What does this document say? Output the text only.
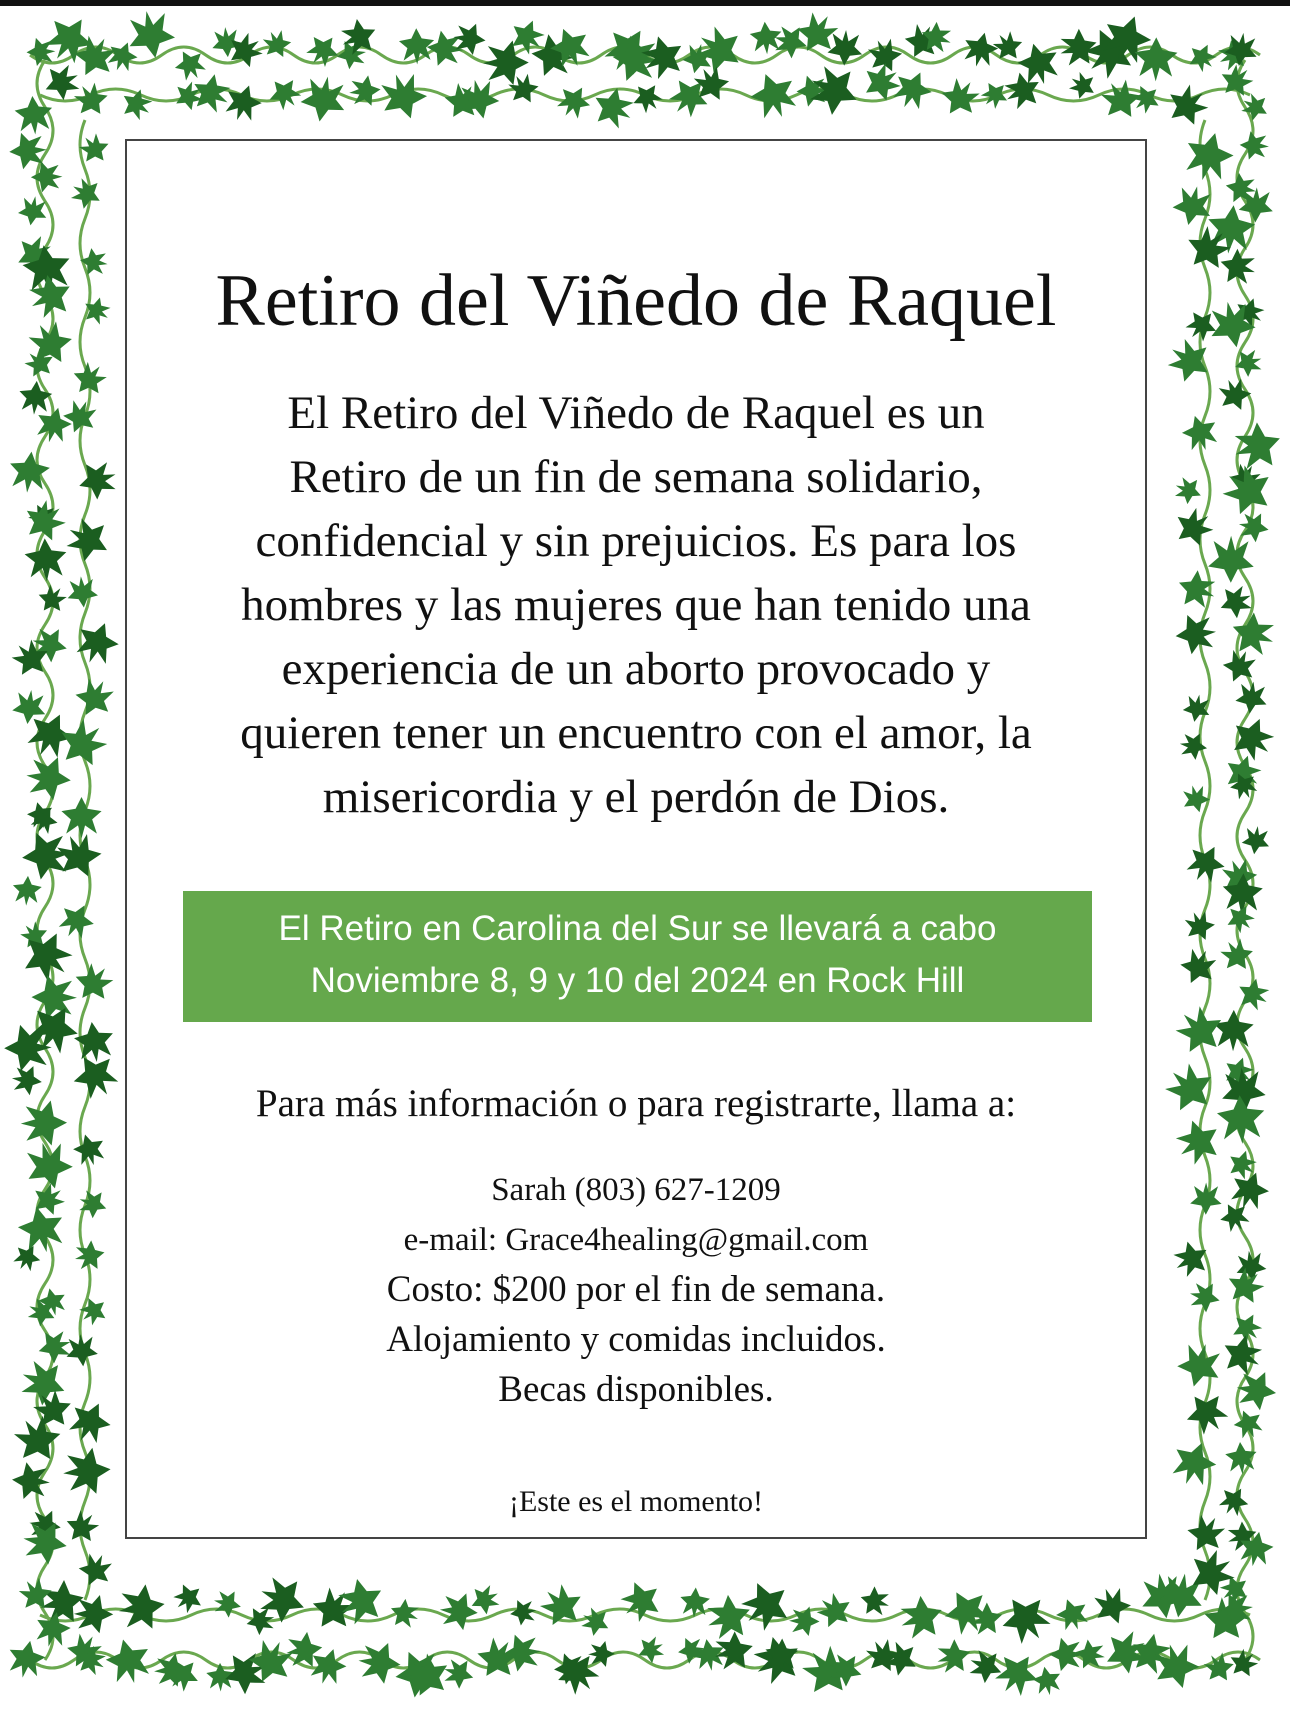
Retiro del Viñedo de Raquel
El Retiro del Viñedo de Raquel es un
Retiro de un fin de semana solidario,
confidencial y sin prejuicios. Es para los
hombres y las mujeres que han tenido una
experiencia de un aborto provocado y
quieren tener un encuentro con el amor, la
misericordia y el perdón de Dios.
El Retiro en Carolina del Sur se llevará a cabo
Noviembre 8, 9 y 10 del 2024 en Rock Hill
Para más información o para registrarte, llama a:
Sarah (803) 627-1209
e-mail: Grace4healing@gmail.com
Costo: $200 por el fin de semana.
Alojamiento y comidas incluidos.
Becas disponibles.
¡Este es el momento!
